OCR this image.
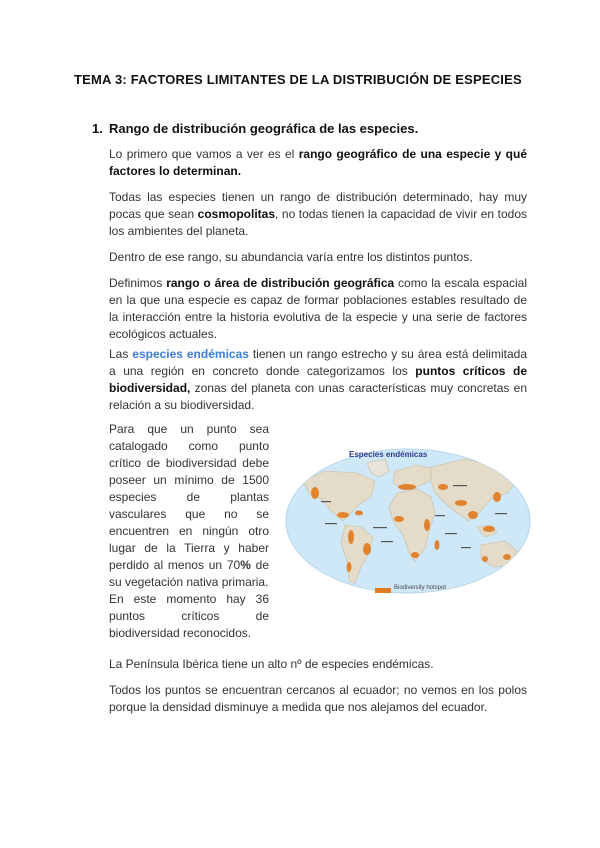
TEMA 3: FACTORES LIMITANTES DE LA DISTRIBUCIÓN DE ESPECIES
1. Rango de distribución geográfica de las especies.

Lo primero que vamos a ver es el rango geográfico de una especie y qué factores lo determinan.

Todas las especies tienen un rango de distribución determinado, hay muy pocas que sean cosmopolitas, no todas tienen la capacidad de vivir en todos los ambientes del planeta.

Dentro de ese rango, su abundancia varía entre los distintos puntos.

Definimos rango o área de distribución geográfica como la escala espacial en la que una especie es capaz de formar poblaciones estables resultado de la interacción entre la historia evolutiva de la especie y una serie de factores ecológicos actuales.

Las especies endémicas tienen un rango estrecho y su área está delimitada a una región en concreto donde categorizamos los puntos críticos de biodiversidad, zonas del planeta con unas características muy concretas en relación a su biodiversidad.

Para que un punto sea catalogado como punto crítico de biodiversidad debe poseer un mínimo de 1500 especies de plantas vasculares que no se encuentren en ningún otro lugar de la Tierra y haber perdido al menos un 70% de su vegetación nativa primaria.

En este momento hay 36 puntos críticos de biodiversidad reconocidos.

Especies endémicas
Biodiversity hotspot

La Península Ibérica tiene un alto nº de especies endémicas.

Todos los puntos se encuentran cercanos al ecuador; no vemos en los polos porque la densidad disminuye a medida que nos alejamos del ecuador.
